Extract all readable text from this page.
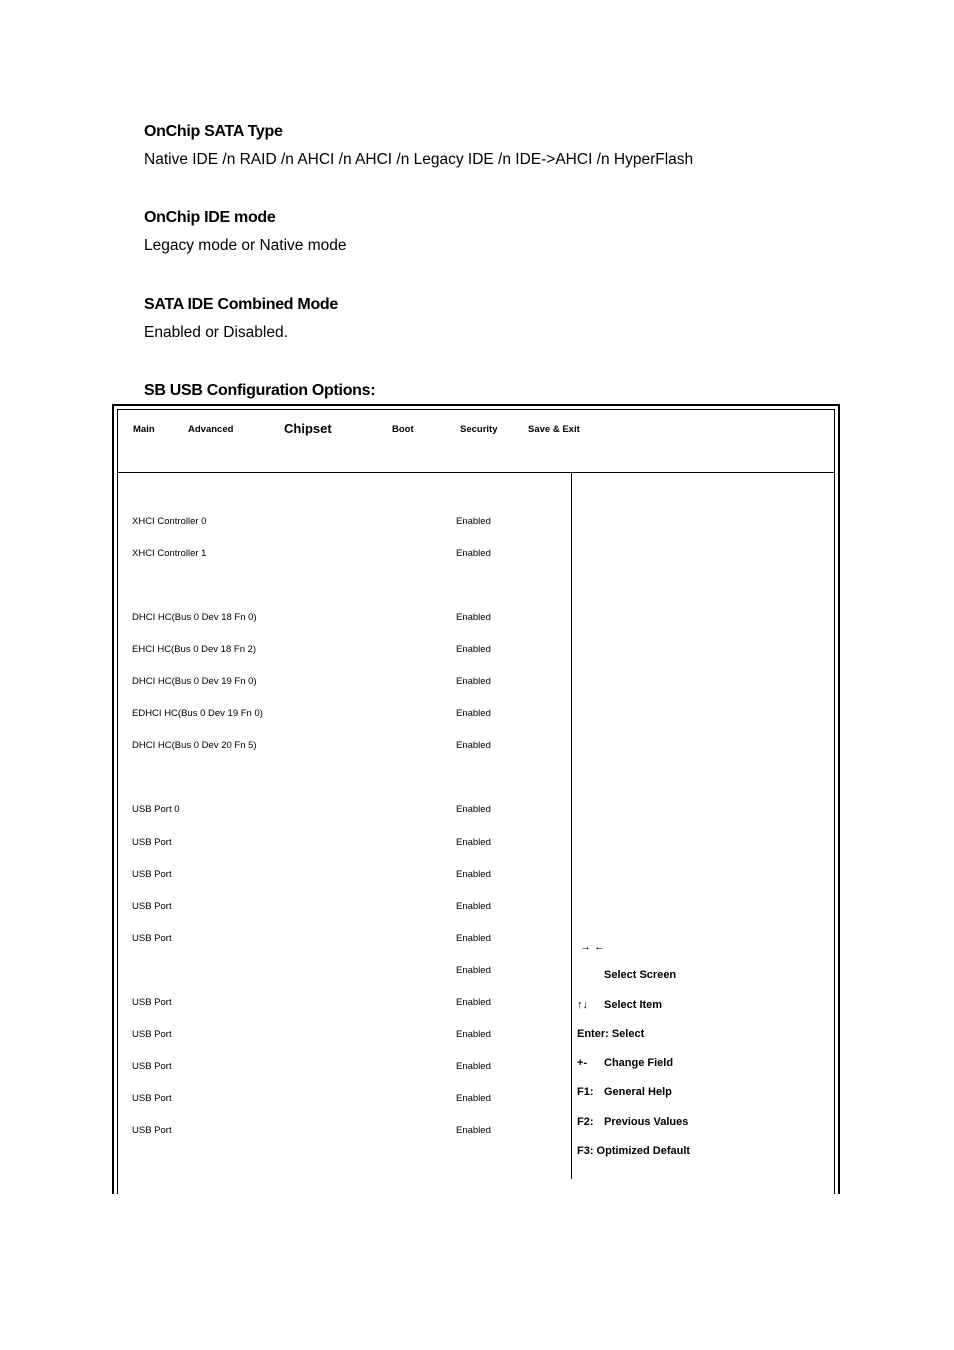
OnChip SATA Type
Native IDE /n RAID /n AHCI /n AHCI /n Legacy IDE /n IDE->AHCI /n HyperFlash
OnChip IDE mode
Legacy mode or Native mode
SATA IDE Combined Mode
Enabled or Disabled.
SB USB Configuration Options:
Main	Advanced	Chipset	Boot	Security	Save & Exit
XHCI Controller 0	Enabled
XHCI Controller 1	Enabled
DHCI HC(Bus 0 Dev 18 Fn 0)	Enabled
EHCI HC(Bus 0 Dev 18 Fn 2)	Enabled
DHCI HC(Bus 0 Dev 19 Fn 0)	Enabled
EDHCI HC(Bus 0 Dev 19 Fn 0)	Enabled
DHCI HC(Bus 0 Dev 20 Fn 5)	Enabled
USB Port 0	Enabled
USB Port	Enabled
USB Port	Enabled
USB Port	Enabled
USB Port	Enabled
Enabled
USB Port	Enabled
USB Port	Enabled
USB Port	Enabled
USB Port	Enabled
USB Port	Enabled
→ ←
Select Screen
↑↓ Select Item
Enter: Select
+- Change Field
F1: General Help
F2: Previous Values
F3: Optimized Default
